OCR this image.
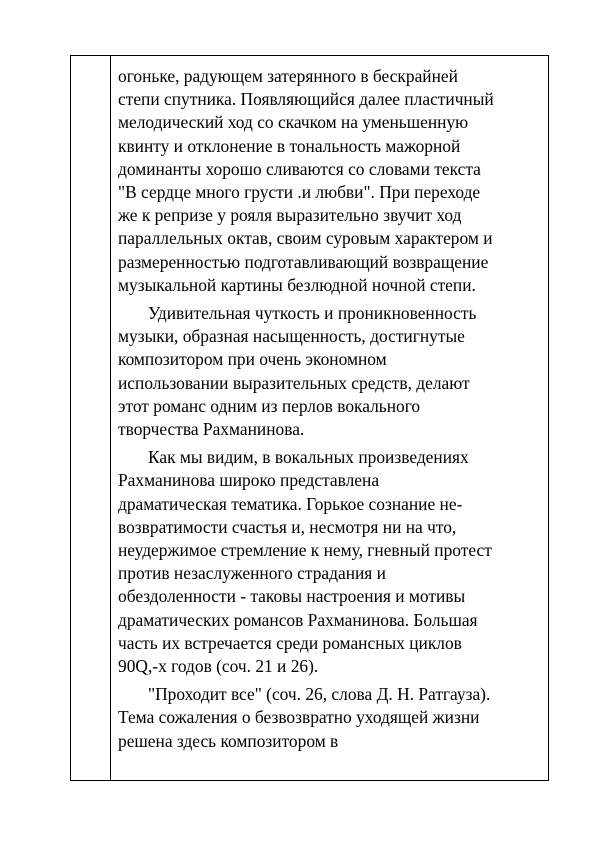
огоньке, радующем затерянного в бескрайней
степи спутника. Появляющийся далее пластичный
мелодический ход со скачком на уменьшенную
квинту и отклонение в тональность мажорной
доминанты хорошо сливаются со словами текста
"В сердце много грусти .и любви". При переходе
же к репризе у рояля выразительно звучит ход
параллельных октав, своим суровым характером и
размеренностью подготавливающий возвращение
музыкальной картины безлюдной ночной степи.

Удивительная чуткость и проникновенность
музыки, образная насыщенность, достигнутые
композитором при очень экономном
использовании выразительных средств, делают
этот романс одним из перлов вокального
творчества Рахманинова.

Как мы видим, в вокальных произведениях
Рахманинова широко представлена
драматическая тематика. Горькое сознание не-
возвратимости счастья и, несмотря ни на что,
неудержимое стремление к нему, гневный протест
против незаслуженного страдания и
обездоленности - таковы настроения и мотивы
драматических романсов Рахманинова. Большая
часть их встречается среди романсных циклов
90Q,-х годов (соч. 21 и 26).

"Проходит все" (соч. 26, слова Д. Н. Ратгауза).
Тема сожаления о безвозвратно уходящей жизни
решена здесь композитором в
